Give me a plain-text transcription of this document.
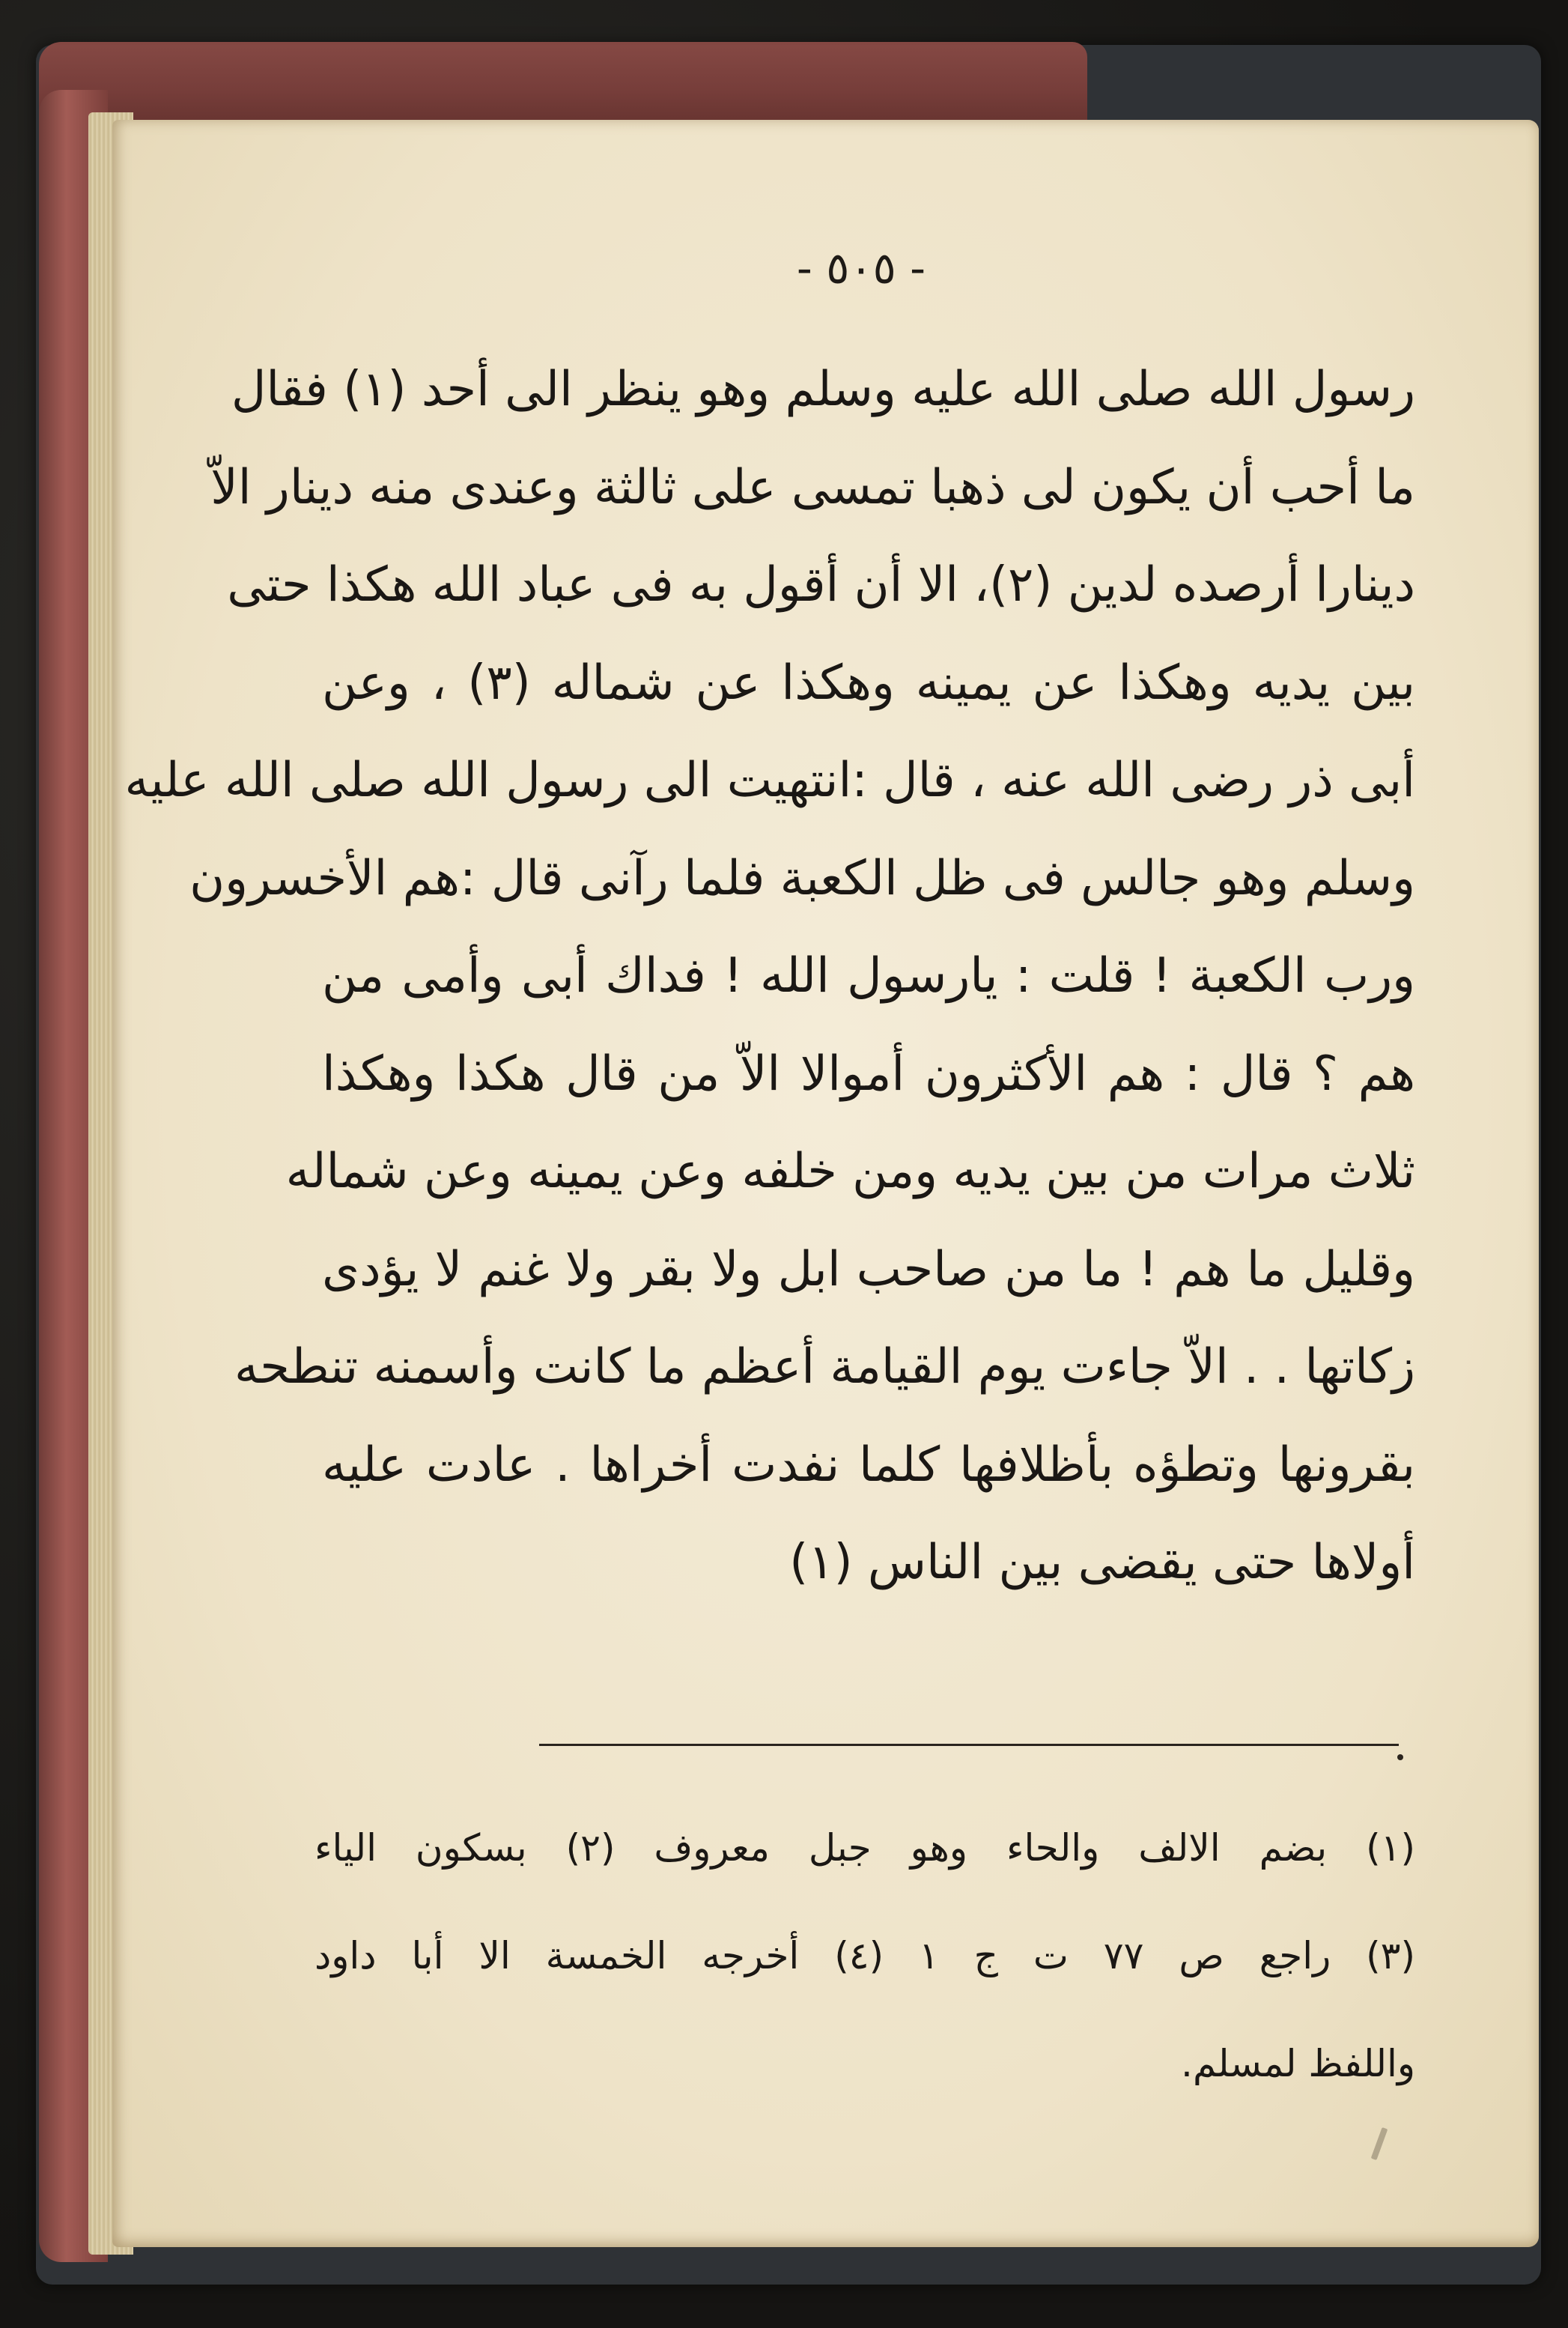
- ٥٠٥ -
رسول الله صلى الله عليه وسلم وهو ينظر الى أحد (١) فقال
ما أحب أن يكون لى ذهبا تمسى على ثالثة وعندى منه دينار الاّ
دينارا أرصده لدين (٢)، الا أن أقول به فى عباد الله هكذا حتى
بين يديه وهكذا عن يمينه وهكذا عن شماله (٣) ، وعن
أبى ذر رضى الله عنه ، قال :انتهيت الى رسول الله صلى الله عليه
وسلم وهو جالس فى ظل الكعبة فلما رآنى قال :هم الأخسرون
ورب الكعبة ! قلت : يارسول الله ! فداك أبى وأمى من
هم ؟ قال : هم الأكثرون أموالا الاّ من قال هكذا وهكذا
ثلاث مرات من بين يديه ومن خلفه وعن يمينه وعن شماله
وقليل ما هم ! ما من صاحب ابل ولا بقر ولا غنم لا يؤدى
زكاتها . . الاّ جاءت يوم القيامة أعظم ما كانت وأسمنه تنطحه
بقرونها وتطؤه بأظلافها كلما نفدت أخراها . عادت عليه
أولاها حتى يقضى بين الناس (١)
(١) بضم الالف والحاء وهو جبل معروف (٢) بسكون الياء
(٣) راجع ص ٧٧ ت ج ١ (٤) أخرجه الخمسة الا أبا داود
واللفظ لمسلم.
